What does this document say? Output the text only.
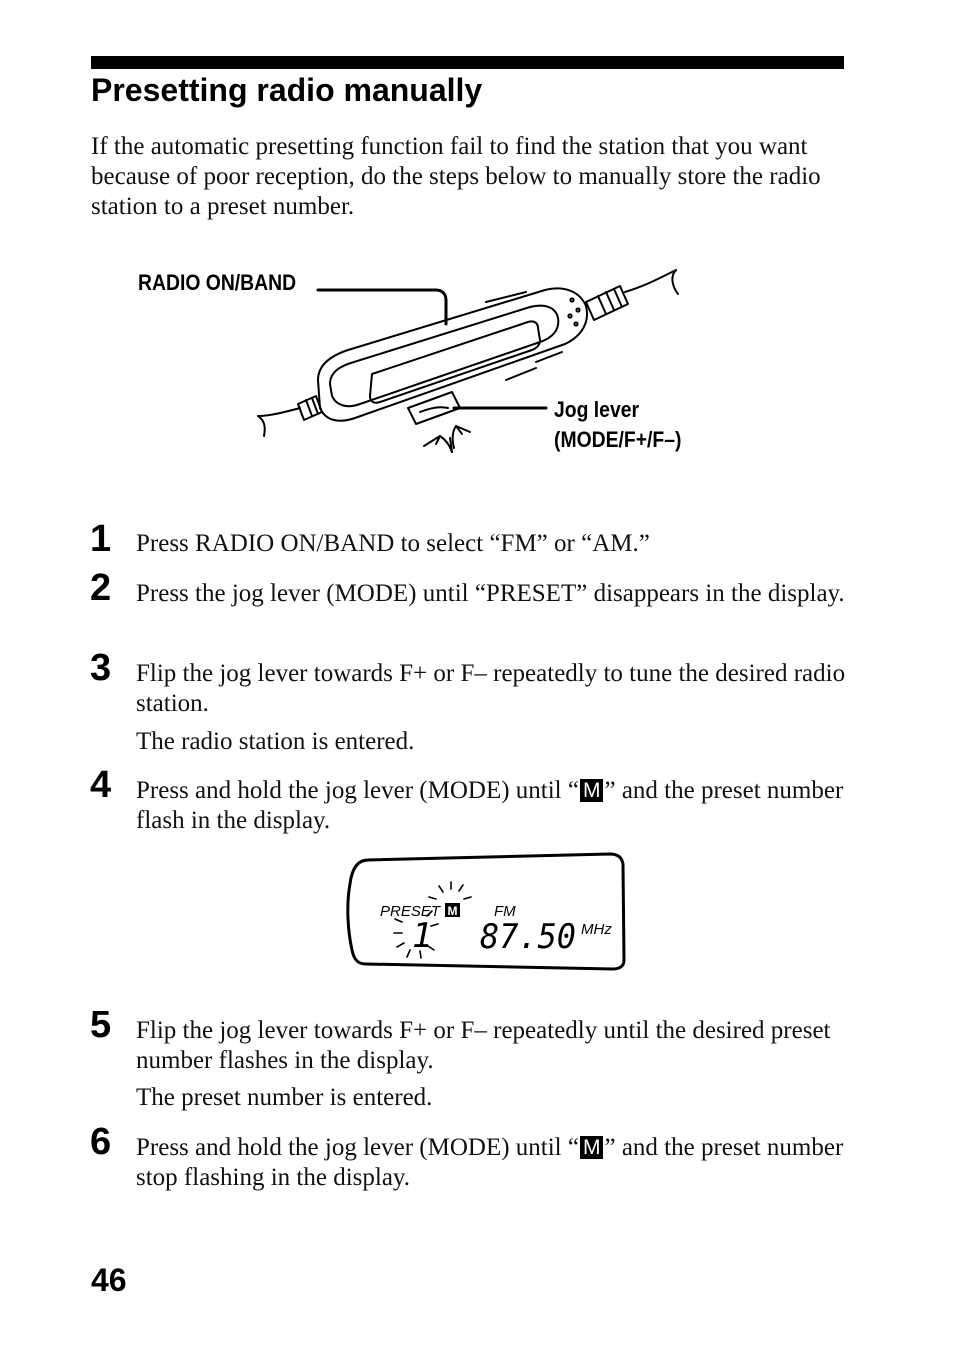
Presetting radio manually

If the automatic presetting function fail to find the station that you want because of poor reception, do the steps below to manually store the radio station to a preset number.

RADIO ON/BAND
Jog lever
(MODE/F+/F–)
1 Press RADIO ON/BAND to select “FM” or “AM.”

2 Press the jog lever (MODE) until “PRESET” disappears in the display.

3 Flip the jog lever towards F+ or F– repeatedly to tune the desired radio station.

The radio station is entered.

4 Press and hold the jog lever (MODE) until “ M ” and the preset number flash in the display.

PRESET M FM
1 87.50 MHz
5 Flip the jog lever towards F+ or F– repeatedly until the desired preset number flashes in the display.

The preset number is entered.

6 Press and hold the jog lever (MODE) until “ M ” and the preset number stop flashing in the display.

46
